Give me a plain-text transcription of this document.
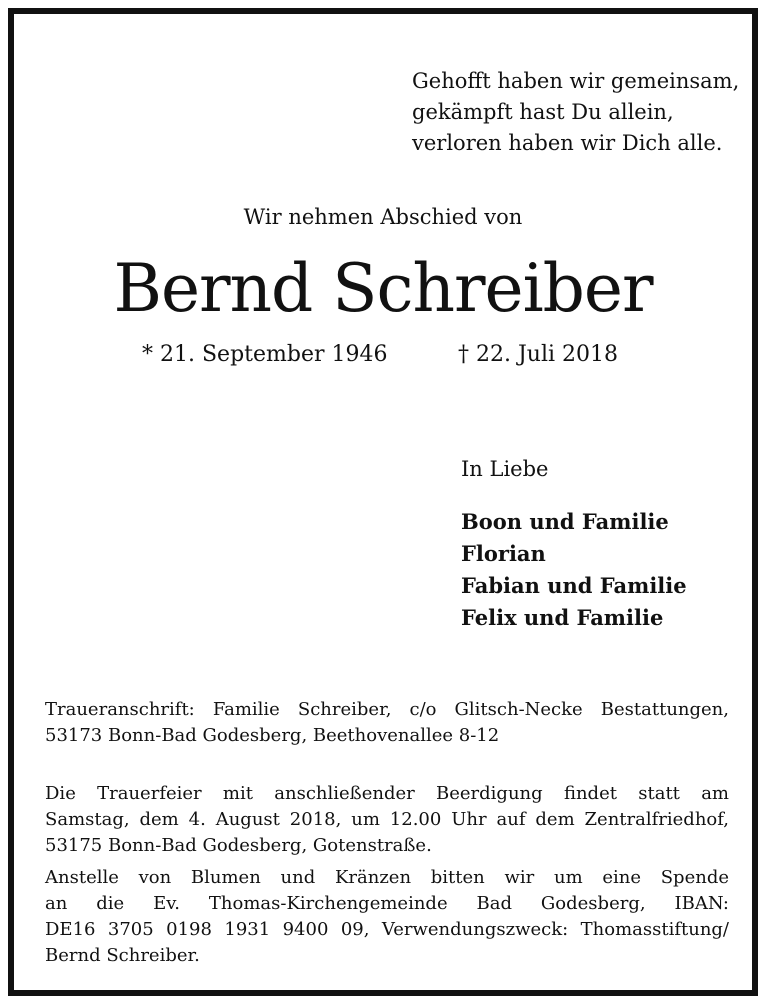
Gehofft haben wir gemeinsam,
gekämpft hast Du allein,
verloren haben wir Dich alle.
Wir nehmen Abschied von
Bernd Schreiber
* 21. September 1946	† 22. Juli 2018
In Liebe
Boon und Familie
Florian
Fabian und Familie
Felix und Familie
Traueranschrift: Familie Schreiber, c/o Glitsch-Necke Bestattungen,
53173 Bonn-Bad Godesberg, Beethovenallee 8-12
Die Trauerfeier mit anschließender Beerdigung findet statt am
Samstag, dem 4. August 2018, um 12.00 Uhr auf dem Zentralfriedhof,
53175 Bonn-Bad Godesberg, Gotenstraße.
Anstelle von Blumen und Kränzen bitten wir um eine Spende
an die Ev. Thomas-Kirchengemeinde Bad Godesberg, IBAN:
DE16 3705 0198 1931 9400 09, Verwendungszweck: Thomasstiftung/
Bernd Schreiber.
